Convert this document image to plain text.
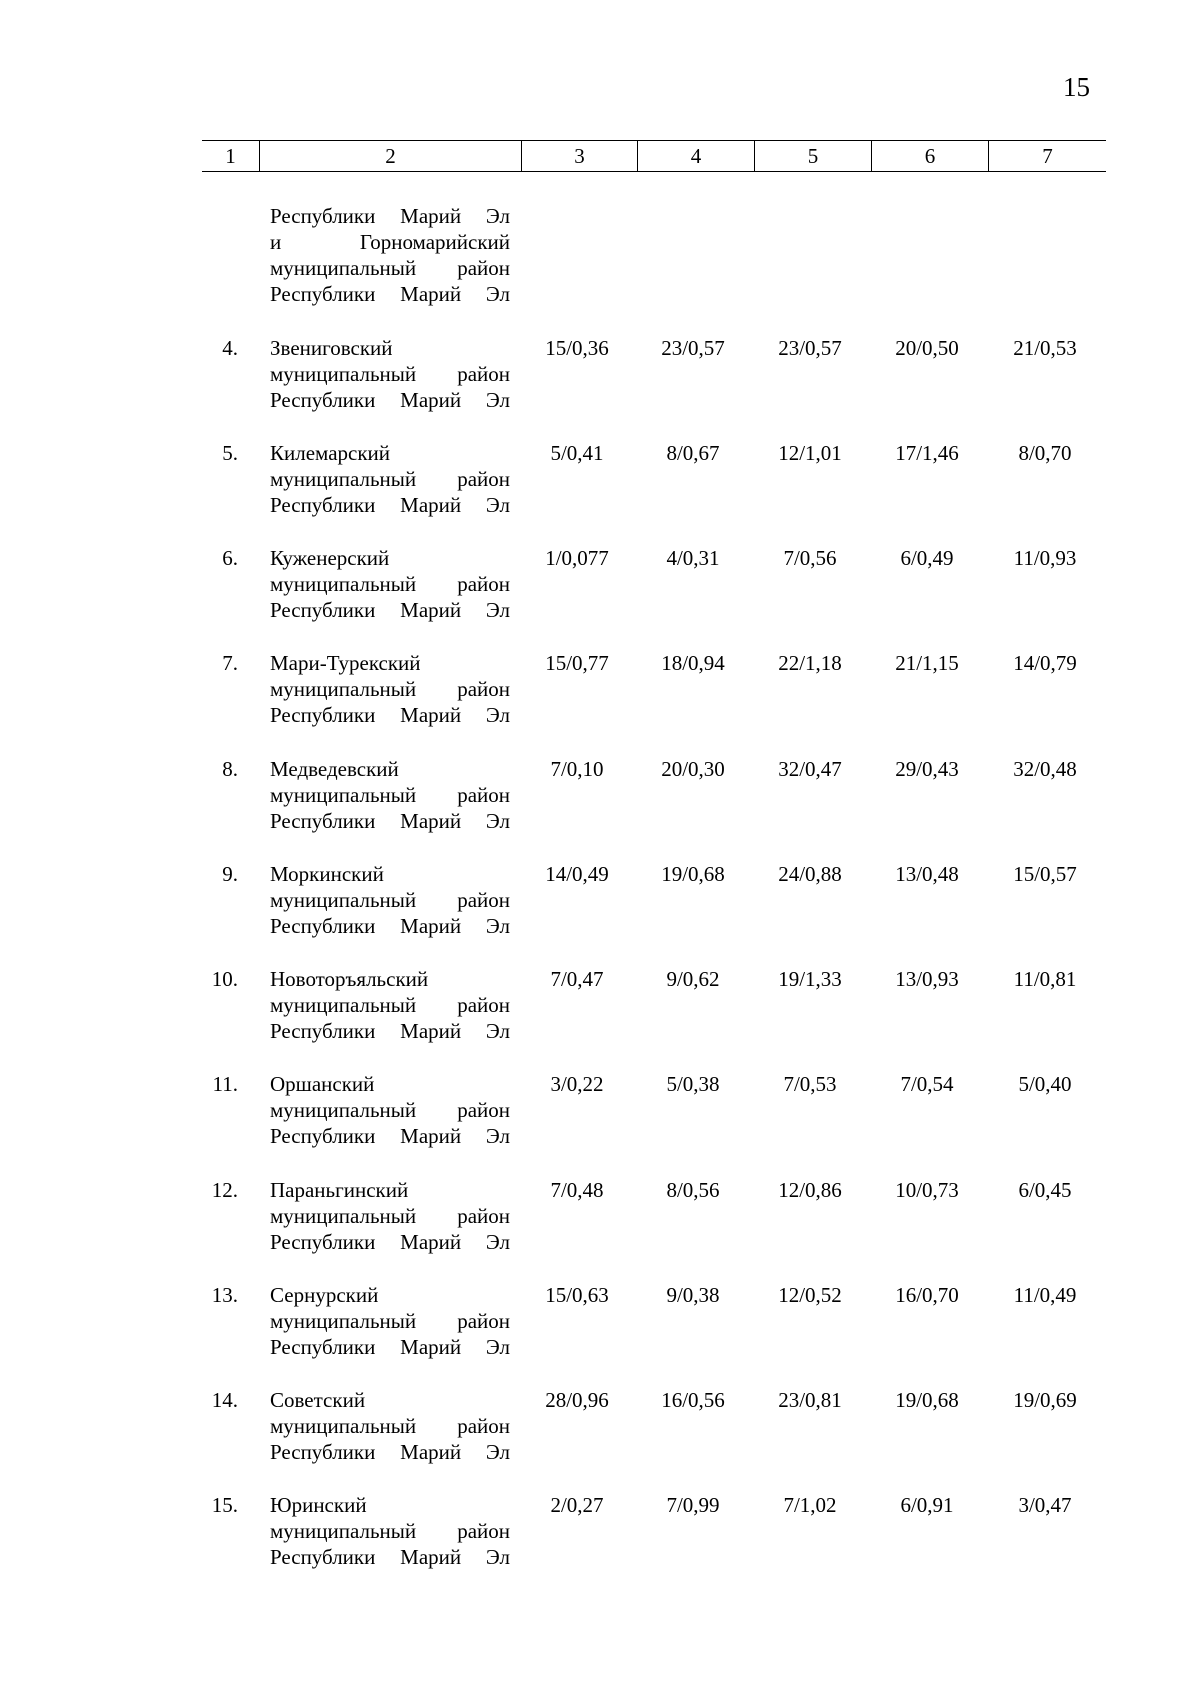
15
1	2	3	4	5	6	7
Республики Марий Эл
и	Горномарийский
муниципальный район
Республики Марий Эл
4. Звениговский
муниципальный район
Республики Марий Эл
15/0,36	23/0,57	23/0,57	20/0,50	21/0,53
5. Килемарский
муниципальный район
Республики Марий Эл
5/0,41	8/0,67	12/1,01	17/1,46	8/0,70
6. Куженерский
муниципальный район
Республики Марий Эл
1/0,077	4/0,31	7/0,56	6/0,49	11/0,93
7. Мари-Турекский
муниципальный район
Республики Марий Эл
15/0,77	18/0,94	22/1,18	21/1,15	14/0,79
8. Медведевский
муниципальный район
Республики Марий Эл
7/0,10	20/0,30	32/0,47	29/0,43	32/0,48
9. Моркинский
муниципальный район
Республики Марий Эл
14/0,49	19/0,68	24/0,88	13/0,48	15/0,57
10. Новоторъяльский
муниципальный район
Республики Марий Эл
7/0,47	9/0,62	19/1,33	13/0,93	11/0,81
11. Оршанский
муниципальный район
Республики Марий Эл
3/0,22	5/0,38	7/0,53	7/0,54	5/0,40
12. Параньгинский
муниципальный район
Республики Марий Эл
7/0,48	8/0,56	12/0,86	10/0,73	6/0,45
13. Сернурский
муниципальный район
Республики Марий Эл
15/0,63	9/0,38	12/0,52	16/0,70	11/0,49
14. Советский
муниципальный район
Республики Марий Эл
28/0,96	16/0,56	23/0,81	19/0,68	19/0,69
15. Юринский
муниципальный район
Республики Марий Эл
2/0,27	7/0,99	7/1,02	6/0,91	3/0,47
